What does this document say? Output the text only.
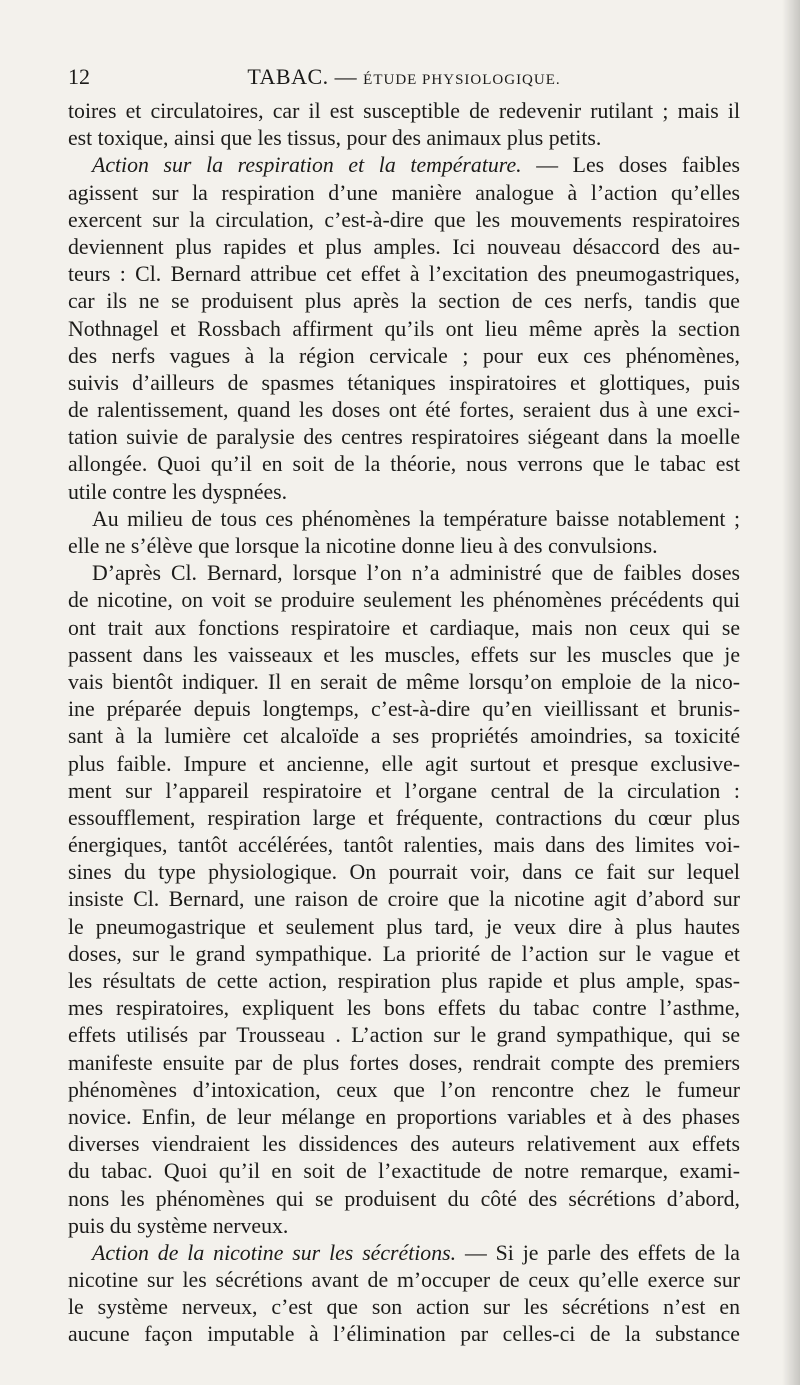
12	TABAC. — ÉTUDE PHYSIOLOGIQUE.
toires et circulatoires, car il est susceptible de redevenir rutilant ; mais il
est toxique, ainsi que les tissus, pour des animaux plus petits.
Action sur la respiration et la température. — Les doses faibles
agissent sur la respiration d’une manière analogue à l’action qu’elles
exercent sur la circulation, c’est-à-dire que les mouvements respiratoires
deviennent plus rapides et plus amples. Ici nouveau désaccord des au-
teurs : Cl. Bernard attribue cet effet à l’excitation des pneumogastriques,
car ils ne se produisent plus après la section de ces nerfs, tandis que
Nothnagel et Rossbach affirment qu’ils ont lieu même après la section
des nerfs vagues à la région cervicale ; pour eux ces phénomènes,
suivis d’ailleurs de spasmes tétaniques inspiratoires et glottiques, puis
de ralentissement, quand les doses ont été fortes, seraient dus à une exci-
tation suivie de paralysie des centres respiratoires siégeant dans la moelle
allongée. Quoi qu’il en soit de la théorie, nous verrons que le tabac est
utile contre les dyspnées.
Au milieu de tous ces phénomènes la température baisse notablement ;
elle ne s’élève que lorsque la nicotine donne lieu à des convulsions.
D’après Cl. Bernard, lorsque l’on n’a administré que de faibles doses
de nicotine, on voit se produire seulement les phénomènes précédents qui
ont trait aux fonctions respiratoire et cardiaque, mais non ceux qui se
passent dans les vaisseaux et les muscles, effets sur les muscles que je
vais bientôt indiquer. Il en serait de même lorsqu’on emploie de la nico-
ine préparée depuis longtemps, c’est-à-dire qu’en vieillissant et brunis-
sant à la lumière cet alcaloïde a ses propriétés amoindries, sa toxicité
plus faible. Impure et ancienne, elle agit surtout et presque exclusive-
ment sur l’appareil respiratoire et l’organe central de la circulation :
essoufflement, respiration large et fréquente, contractions du cœur plus
énergiques, tantôt accélérées, tantôt ralenties, mais dans des limites voi-
sines du type physiologique. On pourrait voir, dans ce fait sur lequel
insiste Cl. Bernard, une raison de croire que la nicotine agit d’abord sur
le pneumogastrique et seulement plus tard, je veux dire à plus hautes
doses, sur le grand sympathique. La priorité de l’action sur le vague et
les résultats de cette action, respiration plus rapide et plus ample, spas-
mes respiratoires, expliquent les bons effets du tabac contre l’asthme,
effets utilisés par Trousseau . L’action sur le grand sympathique, qui se
manifeste ensuite par de plus fortes doses, rendrait compte des premiers
phénomènes d’intoxication, ceux que l’on rencontre chez le fumeur
novice. Enfin, de leur mélange en proportions variables et à des phases
diverses viendraient les dissidences des auteurs relativement aux effets
du tabac. Quoi qu’il en soit de l’exactitude de notre remarque, exami-
nons les phénomènes qui se produisent du côté des sécrétions d’abord,
puis du système nerveux.
Action de la nicotine sur les sécrétions. — Si je parle des effets de la
nicotine sur les sécrétions avant de m’occuper de ceux qu’elle exerce sur
le système nerveux, c’est que son action sur les sécrétions n’est en
aucune façon imputable à l’élimination par celles-ci de la substance
